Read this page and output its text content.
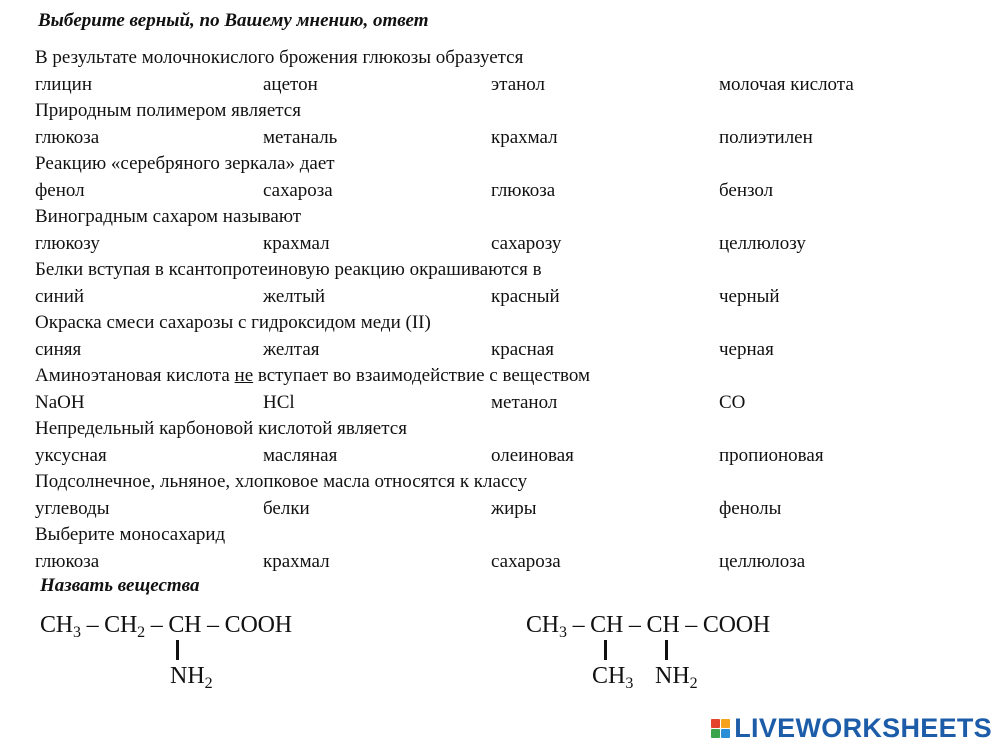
Выберите верный, по Вашему мнению, ответ
В результате молочнокислого брожения глюкозы образуется
глицин	ацетон	этанол	молочая кислота
Природным полимером является
глюкоза	метаналь	крахмал	полиэтилен
Реакцию «серебряного зеркала» дает
фенол	сахароза	глюкоза	бензол
Виноградным сахаром называют
глюкозу	крахмал	сахарозу	целлюлозу
Белки вступая в ксантопротеиновую реакцию окрашиваются в
синий	желтый	красный	черный
Окраска смеси сахарозы с гидроксидом меди (II)
синяя	желтая	красная	черная
Аминоэтановая кислота не вступает во взаимодействие с веществом
NaOH	HCl	метанол	CO
Непредельный карбоновой кислотой является
уксусная	масляная	олеиновая	пропионовая
Подсолнечное, льняное, хлопковое масла относятся к классу
углеводы	белки	жиры	фенолы
Выберите моносахарид
глюкоза	крахмал	сахароза	целлюлоза
Назвать вещества
$CH_3 - CH_2$ – CH – COOH
$NH_2$
$CH_3$ – CH – CH – COOH
$CH_3$ $NH_2$
LIVEWORKSHEETS
